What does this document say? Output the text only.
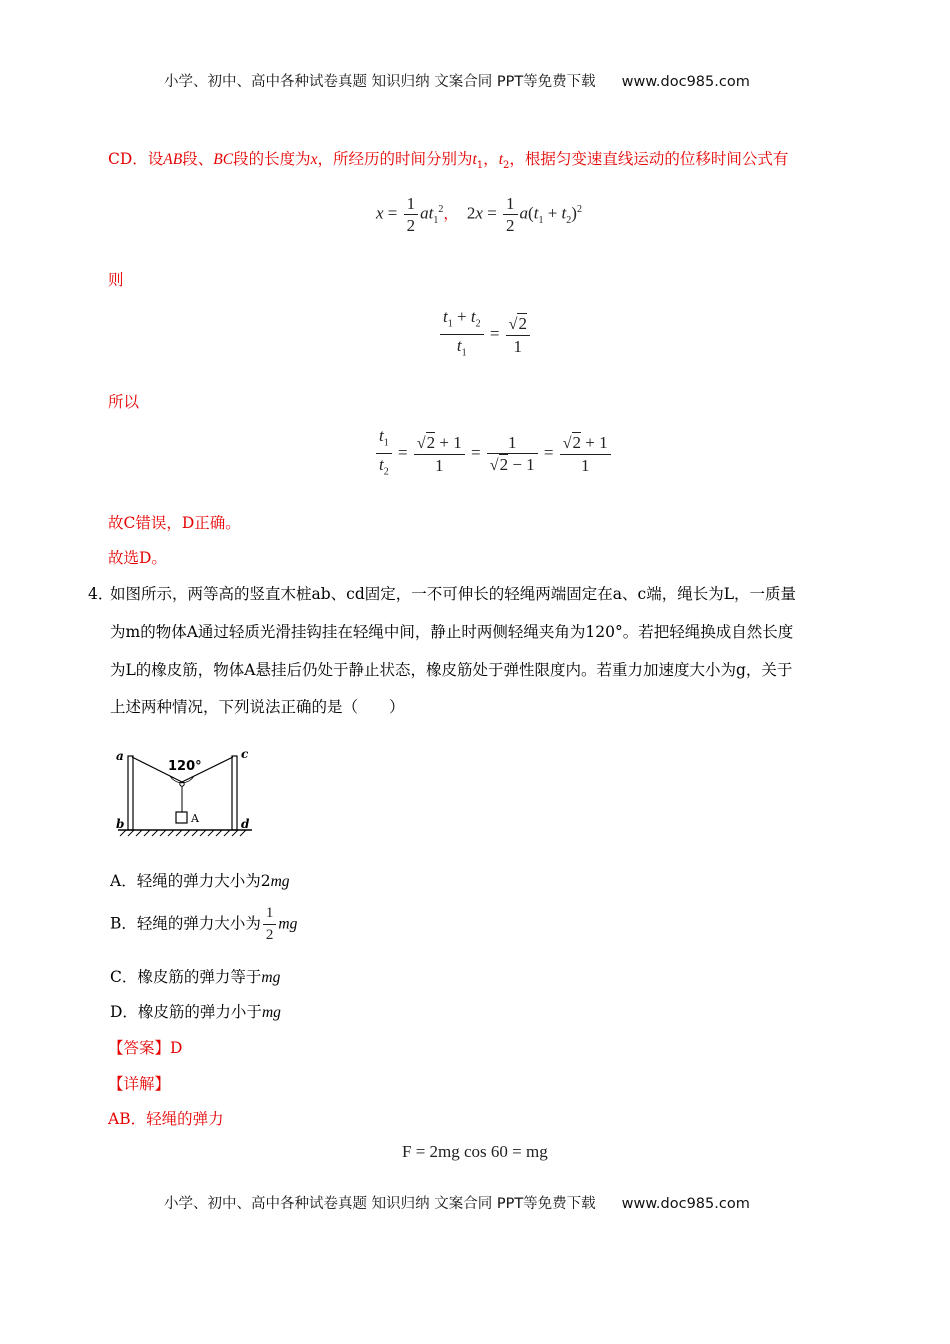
小学、初中、高中各种试卷真题 知识归纳 文案合同 PPT等免费下载 www.doc985.com
CD．设AB段、BC段的长度为x，所经历的时间分别为$t_1$，$t_2$，根据匀变速直线运动的位移时间公式有
$x = \frac{1}{2} at_1^2$，  $2x = \frac{1}{2} a(t_1 + t_2)^2$
则
$\frac{t_1 + t_2}{t_1} = \frac{√2}{1}$
所以
$\frac{t_1}{t_2} = \frac{√2 + 1}{1} = \frac{1}{√2 - 1} = \frac{√2 + 1}{1}$
故C错误，D正确。
故选D。
4．
如图所示，两等高的竖直木桩ab、cd固定，一不可伸长的轻绳两端固定在a、c端，绳长为L，一质量
为m的物体A通过轻质光滑挂钩挂在轻绳中间，静止时两侧轻绳夹角为120°。若把轻绳换成自然长度
为L的橡皮筋，物体A悬挂后仍处于静止状态，橡皮筋处于弹性限度内。若重力加速度大小为g，关于
上述两种情况，下列说法正确的是（　　）
120°
A
a
b
c
d
A．轻绳的弹力大小为2mg
B．轻绳的弹力大小为 $\frac{1}{2}$ mg
C．橡皮筋的弹力等于mg
D．橡皮筋的弹力小于mg
【答案】D
【详解】
AB．轻绳的弹力
F = 2mg cos 60 = mg
小学、初中、高中各种试卷真题 知识归纳 文案合同 PPT等免费下载 www.doc985.com
